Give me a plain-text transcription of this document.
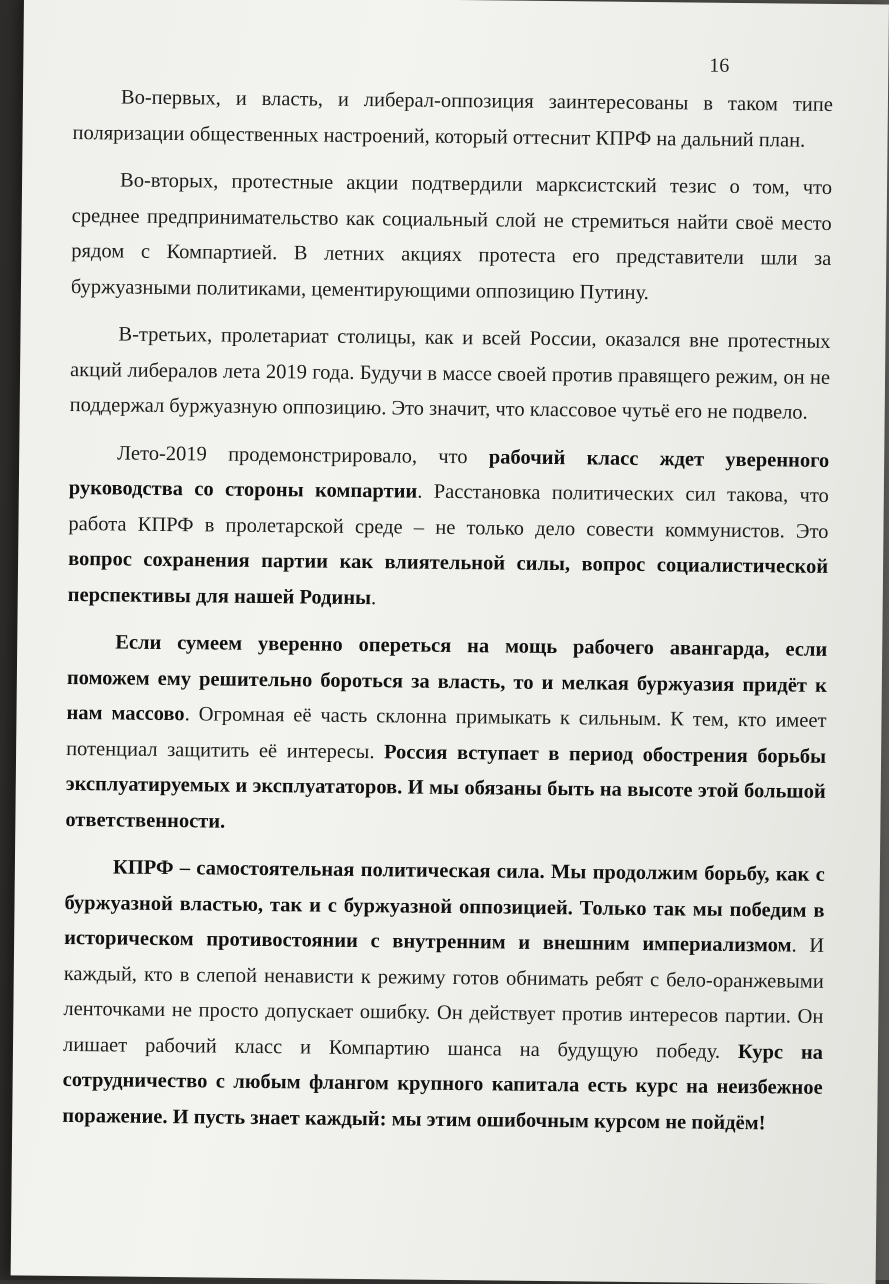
16

Во-первых, и власть, и либерал-оппозиция заинтересованы в таком типе поляризации общественных настроений, который оттеснит КПРФ на дальний план.

Во-вторых, протестные акции подтвердили марксистский тезис о том, что среднее предпринимательство как социальный слой не стремиться найти своё место рядом с Компартией. В летних акциях протеста его представители шли за буржуазными политиками, цементирующими оппозицию Путину.

В-третьих, пролетариат столицы, как и всей России, оказался вне протестных акций либералов лета 2019 года. Будучи в массе своей против правящего режим, он не поддержал буржуазную оппозицию. Это значит, что классовое чутьё его не подвело.

Лето-2019 продемонстрировало, что рабочий класс ждет уверенного руководства со стороны компартии. Расстановка политических сил такова, что работа КПРФ в пролетарской среде – не только дело совести коммунистов. Это вопрос сохранения партии как влиятельной силы, вопрос социалистической перспективы для нашей Родины.

Если сумеем уверенно опереться на мощь рабочего авангарда, если поможем ему решительно бороться за власть, то и мелкая буржуазия придёт к нам массово. Огромная её часть склонна примыкать к сильным. К тем, кто имеет потенциал защитить её интересы. Россия вступает в период обострения борьбы эксплуатируемых и эксплуататоров. И мы обязаны быть на высоте этой большой ответственности.

КПРФ – самостоятельная политическая сила. Мы продолжим борьбу, как с буржуазной властью, так и с буржуазной оппозицией. Только так мы победим в историческом противостоянии с внутренним и внешним империализмом. И каждый, кто в слепой ненависти к режиму готов обнимать ребят с бело-оранжевыми ленточками не просто допускает ошибку. Он действует против интересов партии. Он лишает рабочий класс и Компартию шанса на будущую победу. Курс на сотрудничество с любым флангом крупного капитала есть курс на неизбежное поражение. И пусть знает каждый: мы этим ошибочным курсом не пойдём!
